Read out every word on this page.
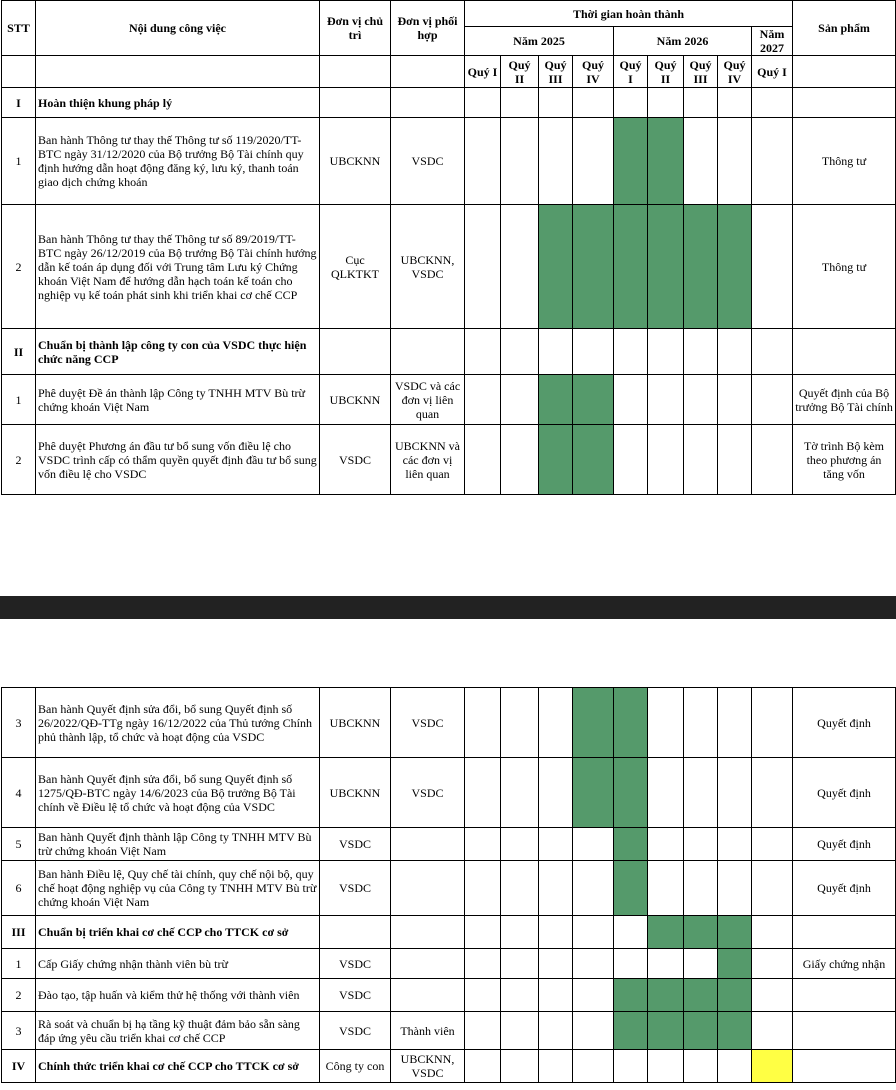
STT	Nội dung công việc	Đơn vị chủ trì	Đơn vị phối hợp	Thời gian hoàn thành									Sản phẩm
				Năm 2025				Năm 2026				Năm 2027	
				Quý I	Quý II	Quý III	Quý IV	Quý I	Quý II	Quý III	Quý IV	Quý I	
I	Hoàn thiện khung pháp lý												
1	Ban hành Thông tư thay thế Thông tư số 119/2020/TT-BTC ngày 31/12/2020 của Bộ trưởng Bộ Tài chính quy định hướng dẫn hoạt động đăng ký, lưu ký, thanh toán giao dịch chứng khoán	UBCKNN	VSDC										Thông tư
2	Ban hành Thông tư thay thế Thông tư số 89/2019/TT-BTC ngày 26/12/2019 của Bộ trưởng Bộ Tài chính hướng dẫn kế toán áp dụng đối với Trung tâm Lưu ký Chứng khoán Việt Nam để hướng dẫn hạch toán kế toán cho nghiệp vụ kế toán phát sinh khi triển khai cơ chế CCP	Cục QLKTKT	UBCKNN, VSDC										Thông tư
II	Chuẩn bị thành lập công ty con của VSDC thực hiện chức năng CCP												
1	Phê duyệt Đề án thành lập Công ty TNHH MTV Bù trừ chứng khoán Việt Nam	UBCKNN	VSDC và các đơn vị liên quan										Quyết định của Bộ trưởng Bộ Tài chính
2	Phê duyệt Phương án đầu tư bổ sung vốn điều lệ cho VSDC trình cấp có thẩm quyền quyết định đầu tư bổ sung vốn điều lệ cho VSDC	VSDC	UBCKNN và các đơn vị liên quan										Tờ trình Bộ kèm theo phương án tăng vốn
3	Ban hành Quyết định sửa đổi, bổ sung Quyết định số 26/2022/QĐ-TTg ngày 16/12/2022 của Thủ tướng Chính phủ thành lập, tổ chức và hoạt động của VSDC	UBCKNN	VSDC										Quyết định
4	Ban hành Quyết định sửa đổi, bổ sung Quyết định số 1275/QĐ-BTC ngày 14/6/2023 của Bộ trưởng Bộ Tài chính về Điều lệ tổ chức và hoạt động của VSDC	UBCKNN	VSDC										Quyết định
5	Ban hành Quyết định thành lập Công ty TNHH MTV Bù trừ chứng khoán Việt Nam	VSDC											Quyết định
6	Ban hành Điều lệ, Quy chế tài chính, quy chế nội bộ, quy chế hoạt động nghiệp vụ của Công ty TNHH MTV Bù trừ chứng khoán Việt Nam	VSDC											Quyết định
III	Chuẩn bị triển khai cơ chế CCP cho TTCK cơ sở												
1	Cấp Giấy chứng nhận thành viên bù trừ	VSDC											Giấy chứng nhận
2	Đào tạo, tập huấn và kiểm thử hệ thống với thành viên	VSDC											
3	Rà soát và chuẩn bị hạ tầng kỹ thuật đảm bảo sẵn sàng đáp ứng yêu cầu triển khai cơ chế CCP	VSDC	Thành viên										
IV	Chính thức triển khai cơ chế CCP cho TTCK cơ sở	Công ty con	UBCKNN, VSDC										
